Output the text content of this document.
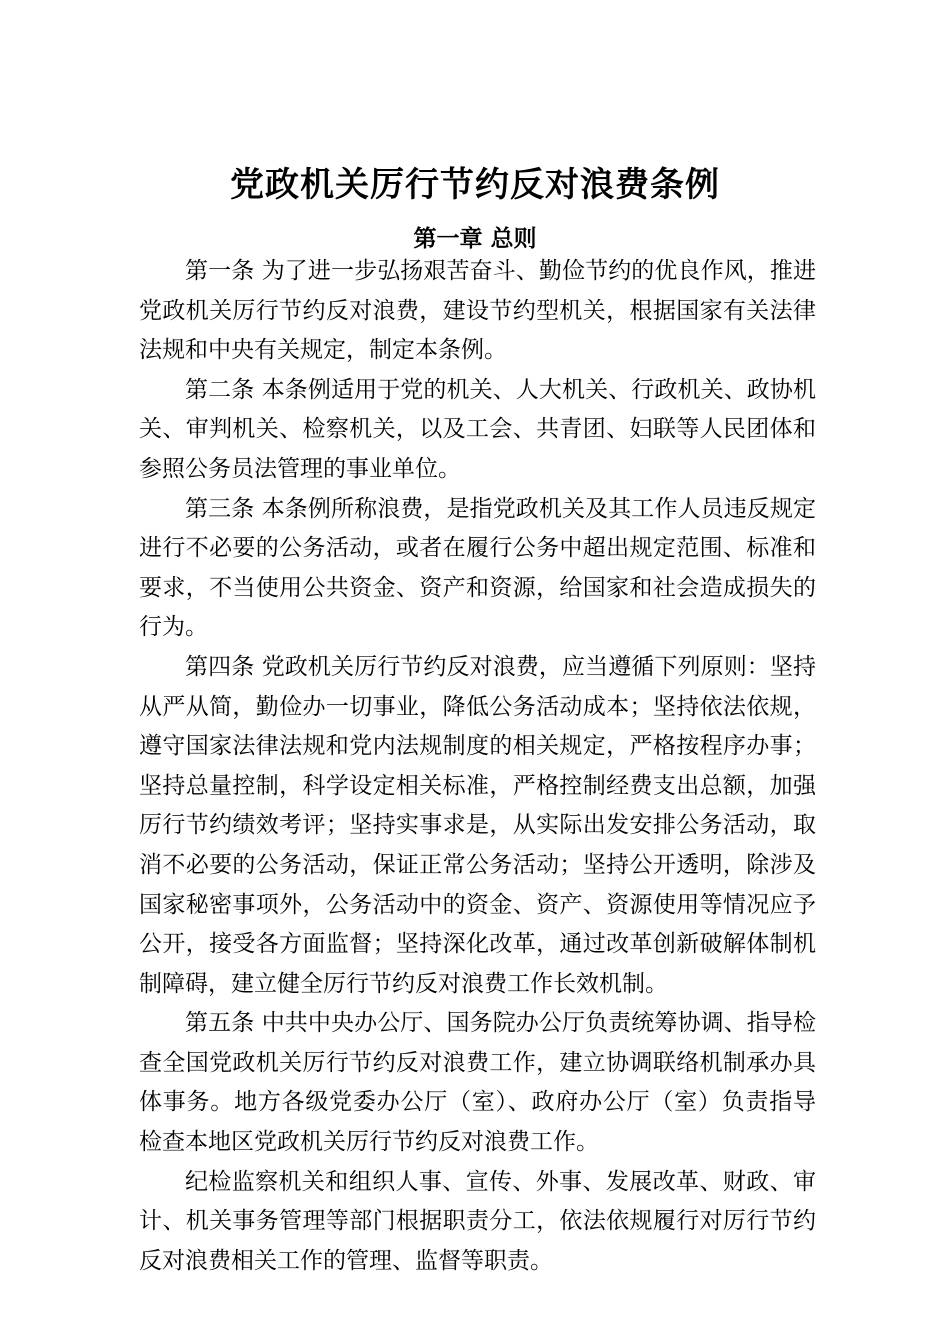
党政机关厉行节约反对浪费条例
第一章 总则

第一条 为了进一步弘扬艰苦奋斗、勤俭节约的优良作风，推进党政机关厉行节约反对浪费，建设节约型机关，根据国家有关法律法规和中央有关规定，制定本条例。

第二条 本条例适用于党的机关、人大机关、行政机关、政协机关、审判机关、检察机关，以及工会、共青团、妇联等人民团体和参照公务员法管理的事业单位。

第三条 本条例所称浪费，是指党政机关及其工作人员违反规定进行不必要的公务活动，或者在履行公务中超出规定范围、标准和要求，不当使用公共资金、资产和资源，给国家和社会造成损失的行为。

第四条 党政机关厉行节约反对浪费，应当遵循下列原则：坚持从严从简，勤俭办一切事业，降低公务活动成本；坚持依法依规，遵守国家法律法规和党内法规制度的相关规定，严格按程序办事；坚持总量控制，科学设定相关标准，严格控制经费支出总额，加强厉行节约绩效考评；坚持实事求是，从实际出发安排公务活动，取消不必要的公务活动，保证正常公务活动；坚持公开透明，除涉及国家秘密事项外，公务活动中的资金、资产、资源使用等情况应予公开，接受各方面监督；坚持深化改革，通过改革创新破解体制机制障碍，建立健全厉行节约反对浪费工作长效机制。

第五条 中共中央办公厅、国务院办公厅负责统筹协调、指导检查全国党政机关厉行节约反对浪费工作，建立协调联络机制承办具体事务。地方各级党委办公厅（室）、政府办公厅（室）负责指导检查本地区党政机关厉行节约反对浪费工作。

纪检监察机关和组织人事、宣传、外事、发展改革、财政、审计、机关事务管理等部门根据职责分工，依法依规履行对厉行节约反对浪费相关工作的管理、监督等职责。
